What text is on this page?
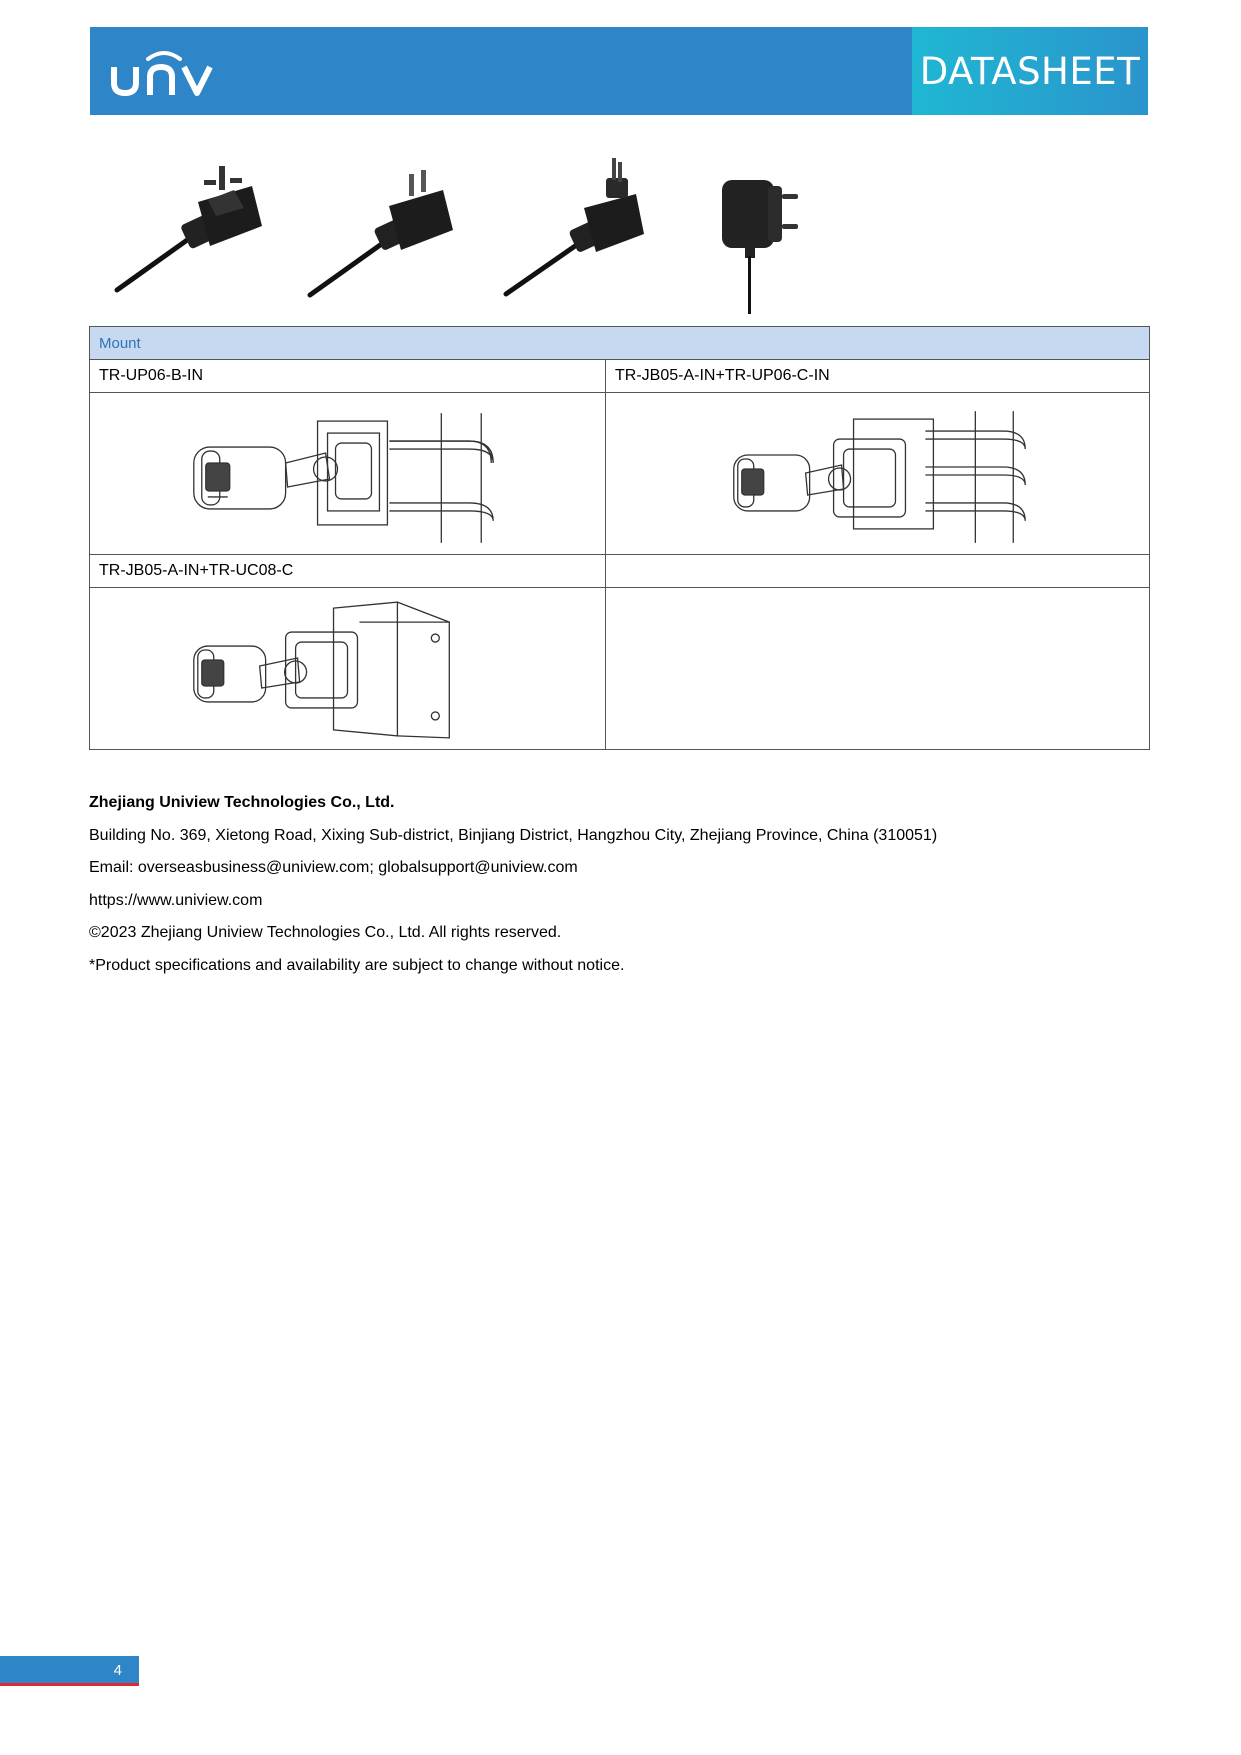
DATASHEET
Mount	
TR-UP06-B-IN	TR-JB05-A-IN+TR-UP06-C-IN

TR-JB05-A-IN+TR-UC08-C	

Zhejiang Uniview Technologies Co., Ltd.
Building No. 369, Xietong Road, Xixing Sub-district, Binjiang District, Hangzhou City, Zhejiang Province, China (310051)
Email: overseasbusiness@uniview.com; globalsupport@uniview.com
https://www.uniview.com
©2023 Zhejiang Uniview Technologies Co., Ltd. All rights reserved.
*Product specifications and availability are subject to change without notice.
4
